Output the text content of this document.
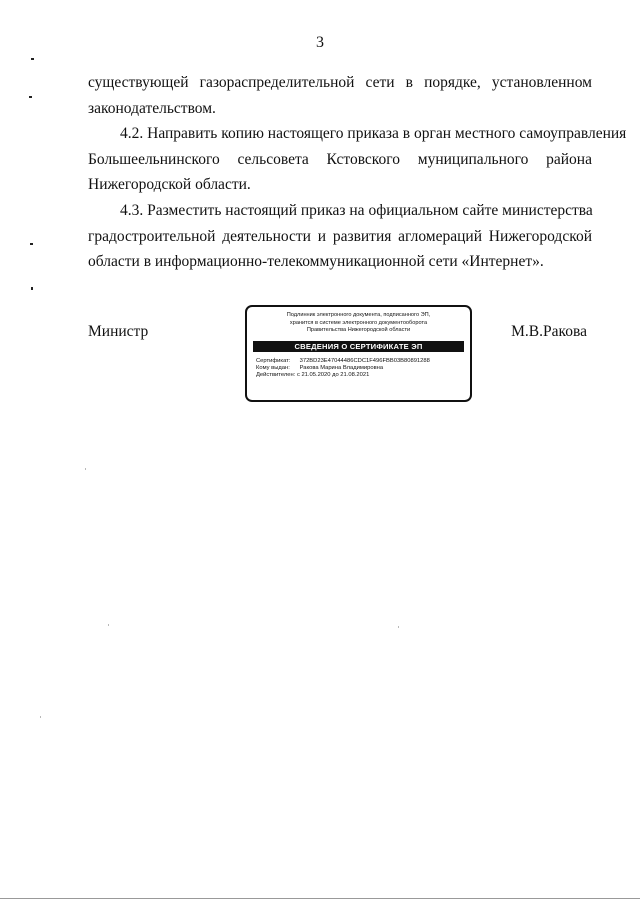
3
существующей газораспределительной сети в порядке, установленном
законодательством.
4.2. Направить копию настоящего приказа в орган местного самоуправления
Большеельнинского сельсовета Кстовского муниципального района
Нижегородской области.
4.3. Разместить настоящий приказ на официальном сайте министерства
градостроительной деятельности и развития агломераций Нижегородской
области в информационно-телекоммуникационной сети «Интернет».
Министр	М.В.Ракова
Подлинник электронного документа, подписанного ЭП,
хранится в системе электронного документооборота
Правительства Нижегородской области
СВЕДЕНИЯ О СЕРТИФИКАТЕ ЭП
Сертификат: 372BD23E47044486CDC1F496FBB03B80891288
Кому выдан: Ракова Марина Владимировна
Действителен: с 21.05.2020 до 21.08.2021
